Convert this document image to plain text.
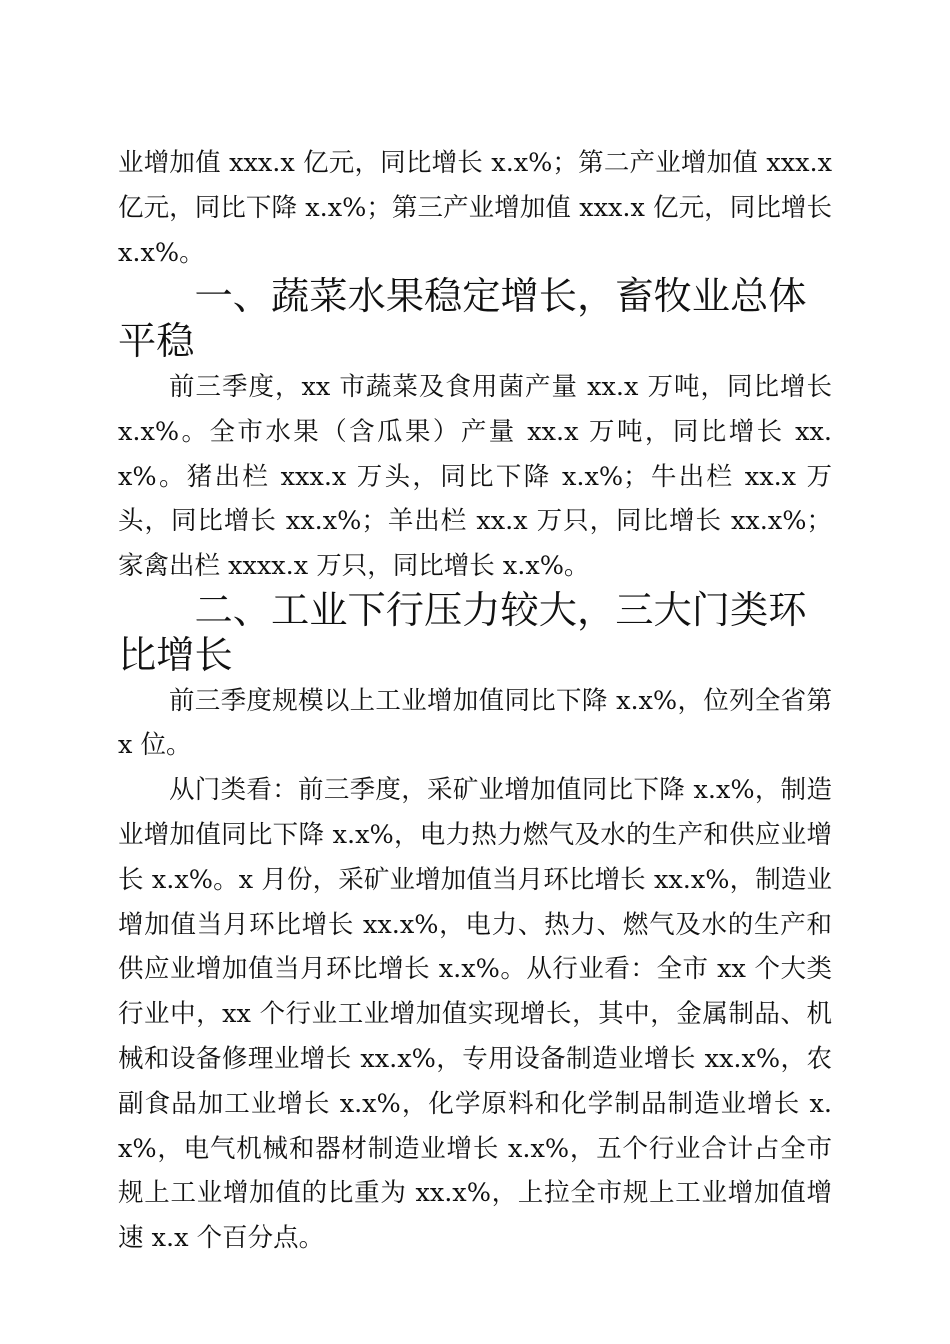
业增加值 xxx.x 亿元，同比增长 x.x%；第二产业增加值 xxx.x 亿元，同比下降 x.x%；第三产业增加值 xxx.x 亿元，同比增长 x.x%。

一、蔬菜水果稳定增长，畜牧业总体平稳

前三季度，xx 市蔬菜及食用菌产量 xx.x 万吨，同比增长 x.x%。全市水果（含瓜果）产量 xx.x 万吨，同比增长 xx.x%。猪出栏 xxx.x 万头，同比下降 x.x%；牛出栏 xx.x 万头，同比增长 xx.x%；羊出栏 xx.x 万只，同比增长 xx.x%；家禽出栏 xxxx.x 万只，同比增长 x.x%。

二、工业下行压力较大，三大门类环比增长

前三季度规模以上工业增加值同比下降 x.x%，位列全省第 x 位。

从门类看：前三季度，采矿业增加值同比下降 x.x%，制造业增加值同比下降 x.x%，电力热力燃气及水的生产和供应业增长 x.x%。x 月份，采矿业增加值当月环比增长 xx.x%，制造业增加值当月环比增长 xx.x%，电力、热力、燃气及水的生产和供应业增加值当月环比增长 x.x%。从行业看：全市 xx 个大类行业中，xx 个行业工业增加值实现增长，其中，金属制品、机械和设备修理业增长 xx.x%，专用设备制造业增长 xx.x%，农副食品加工业增长 x.x%，化学原料和化学制品制造业增长 x.x%，电气机械和器材制造业增长 x.x%，五个行业合计占全市规上工业增加值的比重为 xx.x%，上拉全市规上工业增加值增速 x.x 个百分点。
